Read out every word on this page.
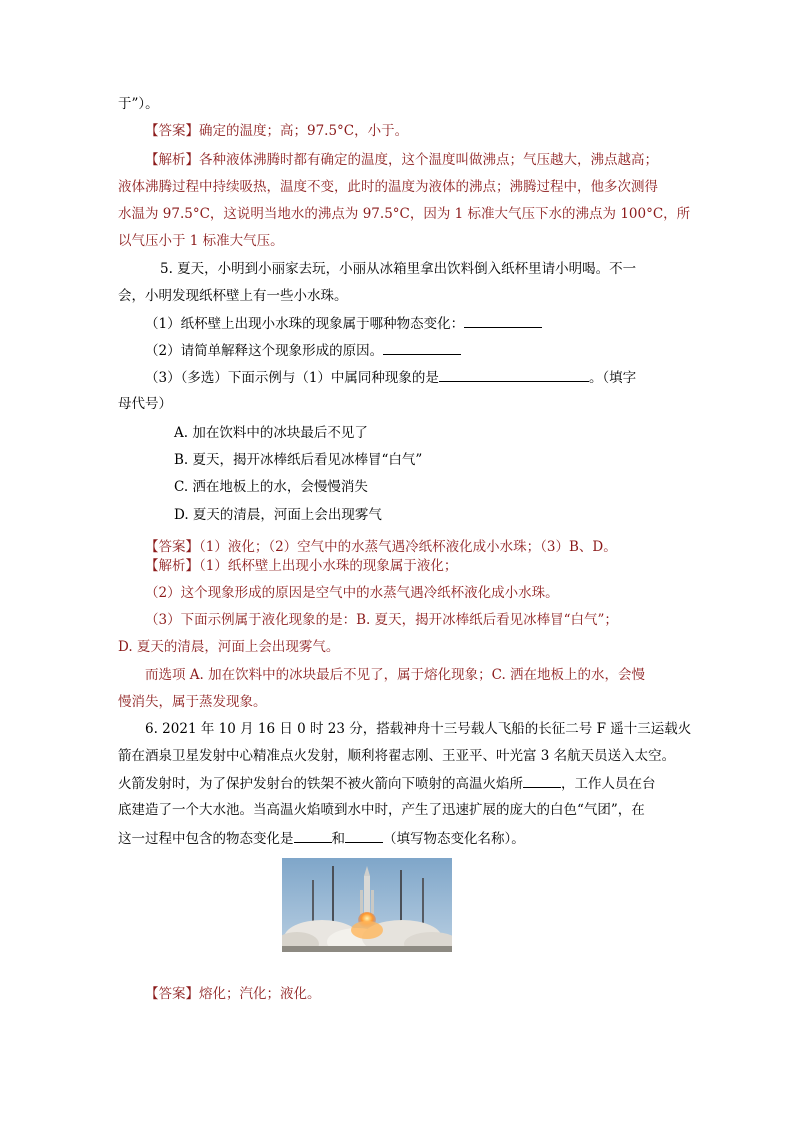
于”）。
【答案】确定的温度；高；97.5°C，小于。
【解析】各种液体沸腾时都有确定的温度，这个温度叫做沸点；气压越大，沸点越高；
液体沸腾过程中持续吸热，温度不变，此时的温度为液体的沸点；沸腾过程中，他多次测得
水温为 97.5°C，这说明当地水的沸点为 97.5°C，因为 1 标准大气压下水的沸点为 100°C，所
以气压小于 1 标准大气压。
5. 夏天，小明到小丽家去玩，小丽从冰箱里拿出饮料倒入纸杯里请小明喝。不一
会，小明发现纸杯壁上有一些小水珠。
（1）纸杯壁上出现小水珠的现象属于哪种物态变化：
（2）请简单解释这个现象形成的原因。
（3）（多选）下面示例与（1）中属同种现象的是	。（填字
母代号）
A. 加在饮料中的冰块最后不见了
B. 夏天，揭开冰棒纸后看见冰棒冒“白气”
C. 洒在地板上的水，会慢慢消失
D. 夏天的清晨，河面上会出现雾气
【答案】（1）液化；（2）空气中的水蒸气遇冷纸杯液化成小水珠；（3）B、D。
【解析】（1）纸杯壁上出现小水珠的现象属于液化；
（2）这个现象形成的原因是空气中的水蒸气遇冷纸杯液化成小水珠。
（3）下面示例属于液化现象的是：B. 夏天，揭开冰棒纸后看见冰棒冒“白气”；
D. 夏天的清晨，河面上会出现雾气。
而选项 A. 加在饮料中的冰块最后不见了，属于熔化现象；C. 洒在地板上的水，会慢
慢消失，属于蒸发现象。
6. 2021 年 10 月 16 日 0 时 23 分，搭载神舟十三号载人飞船的长征二号 F 遥十三运载火
箭在酒泉卫星发射中心精准点火发射，顺利将翟志刚、王亚平、叶光富 3 名航天员送入太空。
火箭发射时，为了保护发射台的铁架不被火箭向下喷射的高温火焰所	，工作人员在台
底建造了一个大水池。当高温火焰喷到水中时，产生了迅速扩展的庞大的白色“气团”，在
这一过程中包含的物态变化是	和	（填写物态变化名称）。
【答案】熔化；汽化；液化。
